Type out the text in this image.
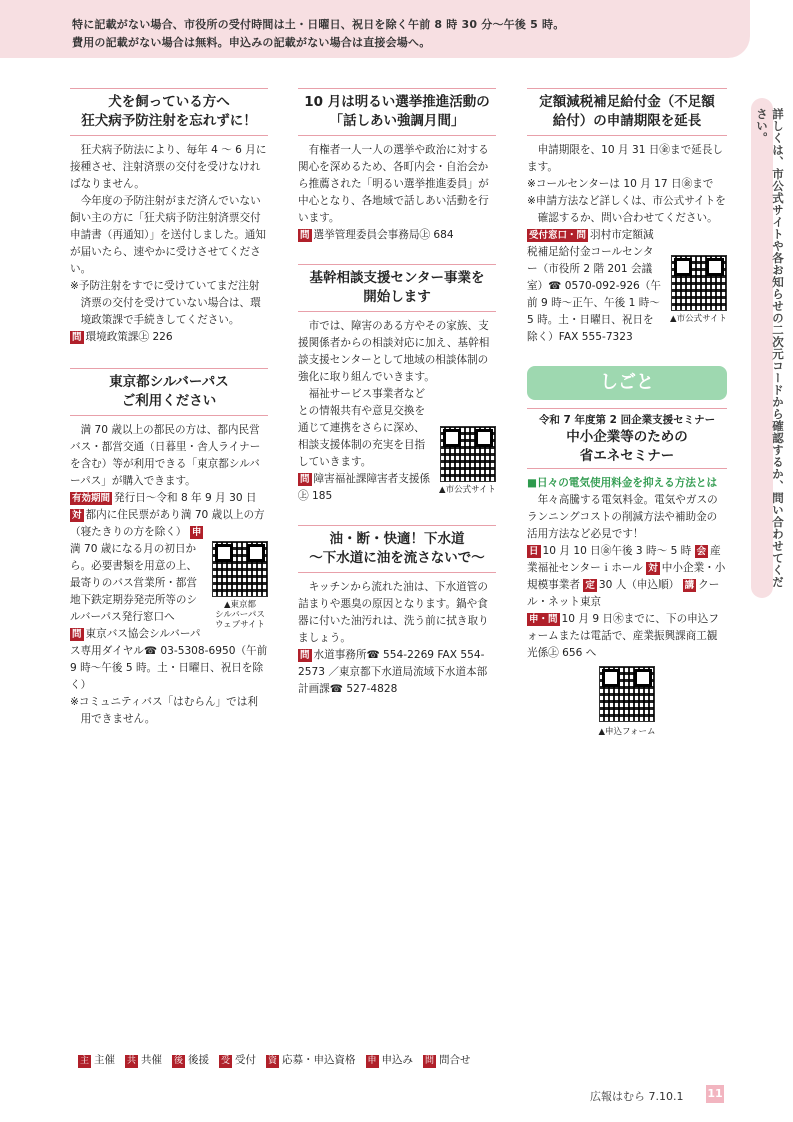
特に記載がない場合、市役所の受付時間は土・日曜日、祝日を除く午前 8 時 30 分～午後 5 時。
費用の記載がない場合は無料。申込みの記載がない場合は直接会場へ。
犬を飼っている方へ
狂犬病予防注射を忘れずに！

狂犬病予防法により、毎年 4 ～ 6 月に接種させ、注射済票の交付を受けなければなりません。

今年度の予防注射がまだ済んでいない飼い主の方に「狂犬病予防注射済票交付申請書（再通知）」を送付しました。通知が届いたら、速やかに受けさせてください。

※予防注射をすでに受けていてまだ注射済票の交付を受けていない場合は、環境政策課で手続きしてください。

問 環境政策課㊤ 226

東京都シルバーパス
ご利用ください

満 70 歳以上の都民の方は、都内民営バス・都営交通（日暮里・舎人ライナーを含む）等が利用できる「東京都シルバーパス」が購入できます。

有効期間 発行日～令和 8 年 9 月 30 日 対 都内に住民票があり満 70 歳以上の方（寝たきりの方を除く） 申

▲東京都
シルバーパス
ウェブサイト

満 70 歳になる月の初日から。必要書類を用意の上、最寄りのバス営業所・都営地下鉄定期券発売所等のシルバーパス発行窓口へ

問 東京バス協会シルバーパス専用ダイヤル☎ 03-5308-6950（午前 9 時～午後 5 時。土・日曜日、祝日を除く）

※コミュニティバス「はむらん」では利用できません。

10 月は明るい選挙推進活動の
「話しあい強調月間」

有権者一人一人の選挙や政治に対する関心を深めるため、各町内会・自治会から推薦された「明るい選挙推進委員」が中心となり、各地域で話しあい活動を行います。

問 選挙管理委員会事務局㊤ 684

基幹相談支援センター事業を
開始します

市では、障害のある方やその家族、支援関係者からの相談対応に加え、基幹相談支援センターとして地域の相談体制の強化に取り組んでいきます。

▲市公式サイト

福祉サービス事業者などとの情報共有や意見交換を通じて連携をさらに深め、相談支援体制の充実を目指していきます。

問 障害福祉課障害者支援係㊤ 185

油・断・快適！下水道
～下水道に油を流さないで～

キッチンから流れた油は、下水道管の詰まりや悪臭の原因となります。鍋や食器に付いた油汚れは、洗う前に拭き取りましょう。

問 水道事務所☎ 554-2269 FAX 554-2573 ／東京都下水道局流域下水道本部計画課☎ 527-4828

定額減税補足給付金（不足額
給付）の申請期限を延長

申請期限を、10 月 31 日㊎まで延長します。

※コールセンターは 10 月 17 日㊎まで

※申請方法など詳しくは、市公式サイトを確認するか、問い合わせてください。

▲市公式サイト

受付窓口・問 羽村市定額減税補足給付金コールセンター（市役所 2 階 201 会議室）☎ 0570-092-926（午前 9 時～正午、午後 1 時～ 5 時。土・日曜日、祝日を除く）FAX 555-7323

しごと
令和 7 年度第 2 回企業支援セミナー
中小企業等のための
省エネセミナー
■日々の電気使用料金を抑える方法とは

年々高騰する電気料金。電気やガスのランニングコストの削減方法や補助金の活用方法など必見です！

日 10 月 10 日㊎午後 3 時～ 5 時 会 産業福祉センターｉホール 対 中小企業・小規模事業者 定 30 人（申込順） 講 クール・ネット東京

申・問 10 月 9 日㊍までに、下の申込フォームまたは電話で、産業振興課商工観光係㊤ 656 へ

▲申込フォーム
詳しくは、市公式サイトや各お知らせの二次元コードから確認するか、問い合わせてください。
主 主催 共 共催 後 後援 受 受付 資 応募・申込資格 申 申込み 問 問合せ
広報はむら 7.10.1 11
